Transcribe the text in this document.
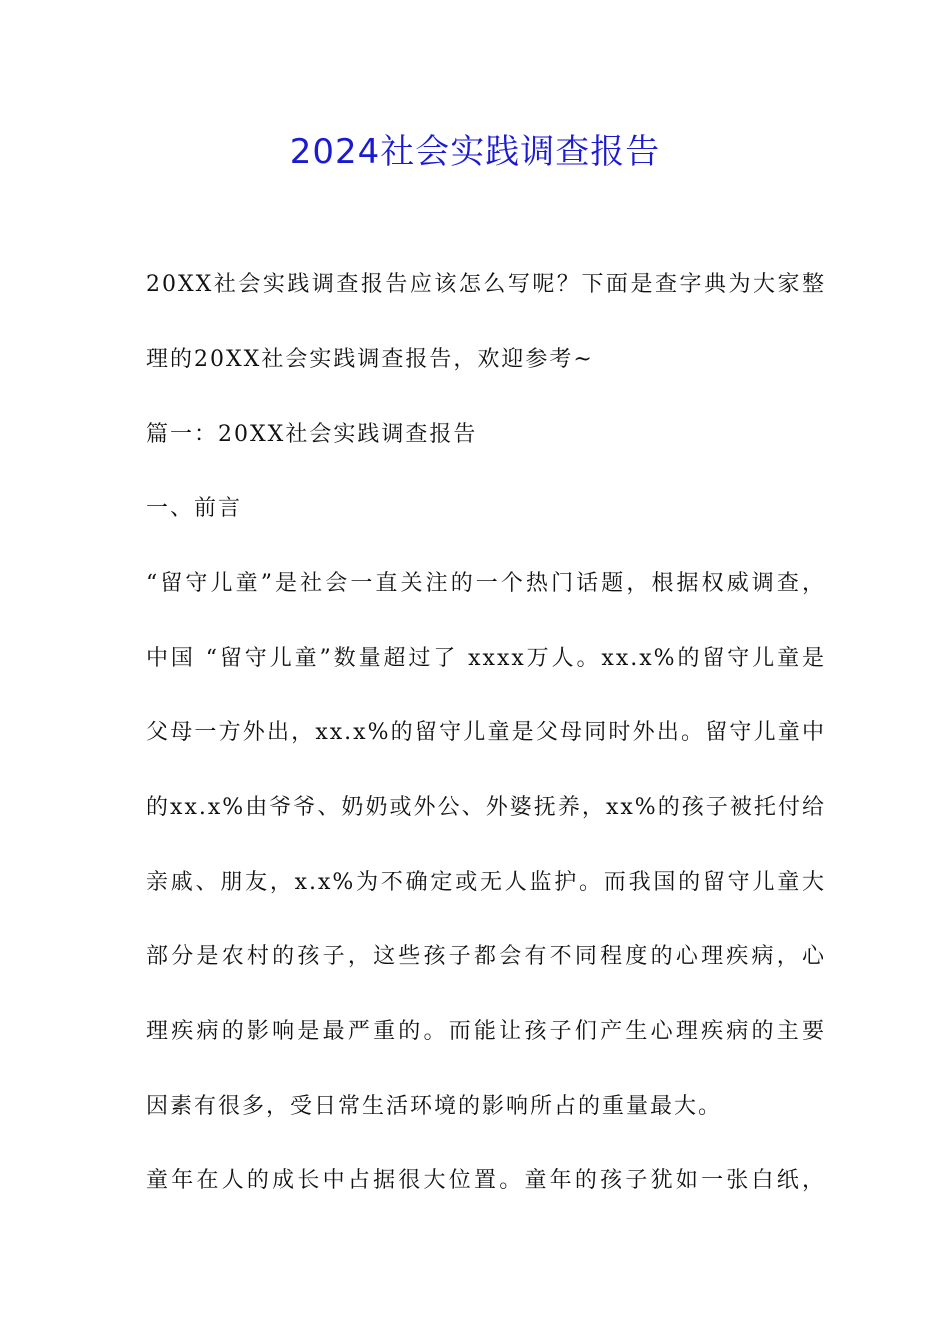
2024社会实践调查报告

20XX社会实践调查报告应该怎么写呢？下面是查字典为大家整

理的20XX社会实践调查报告，欢迎参考~

篇一：20XX社会实践调查报告

一、前言

“留守儿童”是社会一直关注的一个热门话题，根据权威调查，

中国 “留守儿童”数量超过了 xxxx万人。xx.x%的留守儿童是

父母一方外出，xx.x%的留守儿童是父母同时外出。留守儿童中

的xx.x%由爷爷、奶奶或外公、外婆抚养，xx%的孩子被托付给

亲戚、朋友，x.x%为不确定或无人监护。而我国的留守儿童大

部分是农村的孩子，这些孩子都会有不同程度的心理疾病，心

理疾病的影响是最严重的。而能让孩子们产生心理疾病的主要

因素有很多，受日常生活环境的影响所占的重量最大。

童年在人的成长中占据很大位置。童年的孩子犹如一张白纸，
